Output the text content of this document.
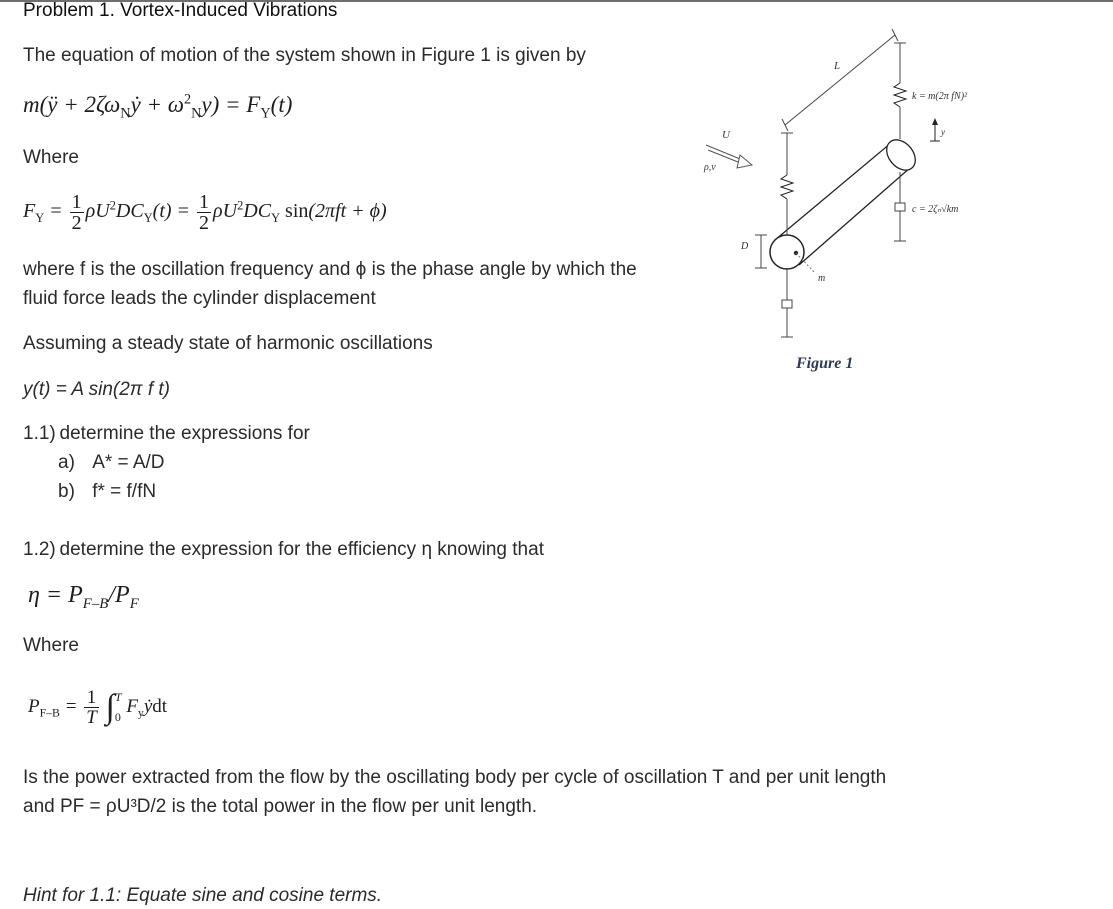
Problem 1. Vortex-Induced Vibrations
The equation of motion of the system shown in Figure 1 is given by
m(ÿ + $2\zeta\omega_Nẏ + \omega^2_Ny) = F_Y(t)$
Where
$F_Y = \frac{1}{2} \rho U^2DC_Y(t) = \frac{1}{2} \rho U^2DC_Y$ sin(2πft + ϕ)
where f is the oscillation frequency and ϕ is the phase angle by which the
fluid force leads the cylinder displacement
Assuming a steady state of harmonic oscillations
y(t) = A sin(2π f t)
1.1) determine the expressions for
a) A* = A/D
b) f* = f/fN
1.2) determine the expression for the efficiency η knowing that
$\eta = P_{F-B}/P_F$
Where
$P_{F-B} = \frac{1}{T}$ ∫ T
0 $F_yẏdt$
Is the power extracted from the flow by the oscillating body per cycle of oscillation T and per unit length
and PF = ρU³D/2 is the total power in the flow per unit length.
Hint for 1.1: Equate sine and cosine terms.
L
U
ρ,ν
m
D
y
k = m(2π fN)²
c = 2ζₙ√km
Figure 1
